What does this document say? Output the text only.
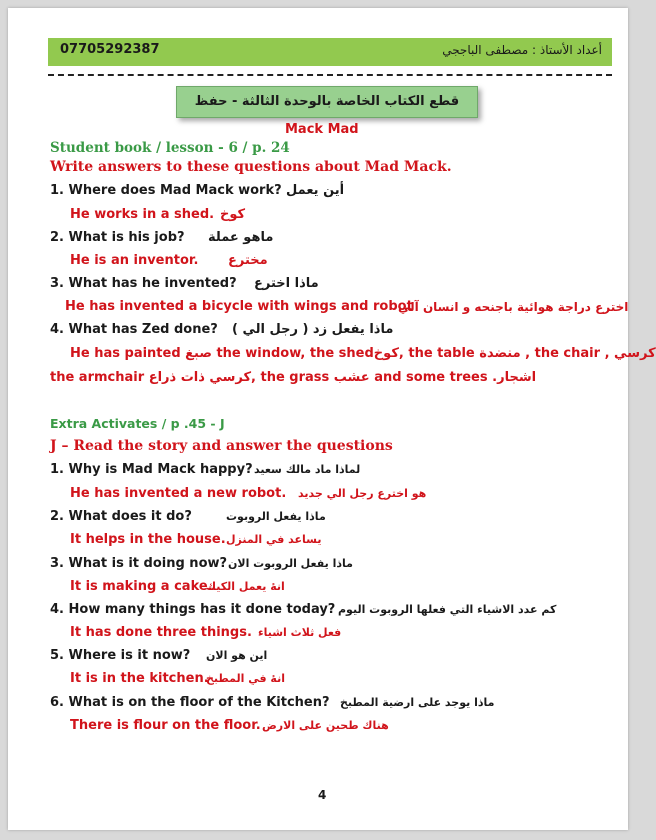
07705292387	أعداد الأستاذ : مصطفى الباججي
قطع الكتاب الخاصة بالوحدة الثالثة - حفظ
Mack Mad
Student book / lesson - 6 / p. 24
Write answers to these questions about Mad Mack.
1. Where does Mad Mack work? أين يعمل
He works in a shed. كوخ
2. What is his job? ماهو عملة
He is an inventor. مخترع
3. What has he invented? ماذا اخترع
He has invented a bicycle with wings and robot
اخترع دراجة هوائية باجنحه و انسان آلي
4. What has Zed done? ماذا يفعل زد ( رجل الي )
He has painted صبغ the window, the shedكوخ, the table منضدة , the chair كرسي ,
the armchair كرسي ذات ذراع, the grass عشب and some trees اشجار.
Extra Activates / p .45 - J
J – Read the story and answer the questions
1. Why is Mad Mack happy? لماذا ماد مالك سعيد
He has invented a new robot. هو اخترع رجل الي جديد
2. What does it do?	ماذا يفعل الروبوت
It helps in the house. يساعد في المنزل
3. What is it doing now? ماذا يفعل الروبوت الان
It is making a cake.
انهٔ يعمل الكيك
4. How many things has it done today? كم عدد الاشياء التي فعلها الروبوت اليوم
It has done three things. فعل ثلاث اشياء
5. Where is it now? اين هو الان
It is in the kitchen.
انهٔ في المطبخ
6. What is on the floor of the Kitchen? ماذا يوجد على ارضية المطبخ
There is flour on the floor. هناك طحين على الارض
4
